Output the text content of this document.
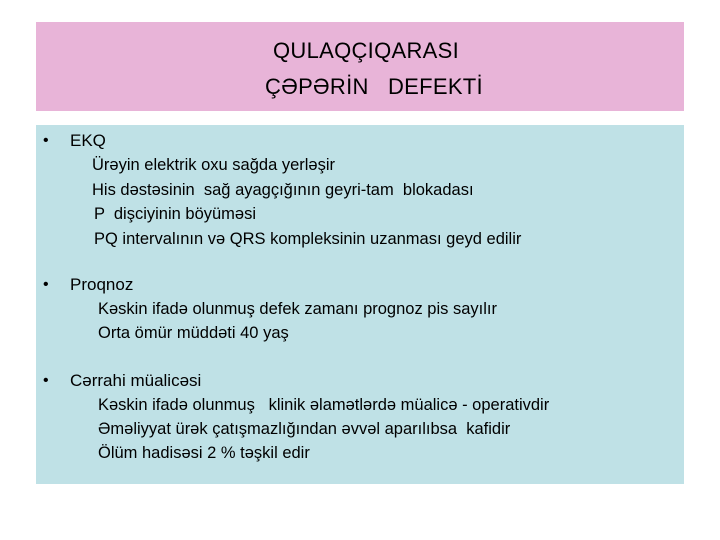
QULAQÇIQARASI
ÇƏPƏRİN   DEFEKTİ
• EKQ
Ürəyin elektrik oxu sağda yerləşir
His dəstəsinin  sağ ayagçığının geyri-tam  blokadası
P  dişciyinin böyüməsi
PQ intervalının və QRS kompleksinin uzanması geyd edilir
• Proqnoz
Kəskin ifadə olunmuş defek zamanı prognoz pis sayılır
Orta ömür müddəti 40 yaş
• Cərrahi müalicəsi
Kəskin ifadə olunmuş   klinik əlamətlərdə müalicə - operativdir
Əməliyyat ürək çatışmazlığından əvvəl aparılıbsa  kafidir
Ölüm hadisəsi 2 % təşkil edir
